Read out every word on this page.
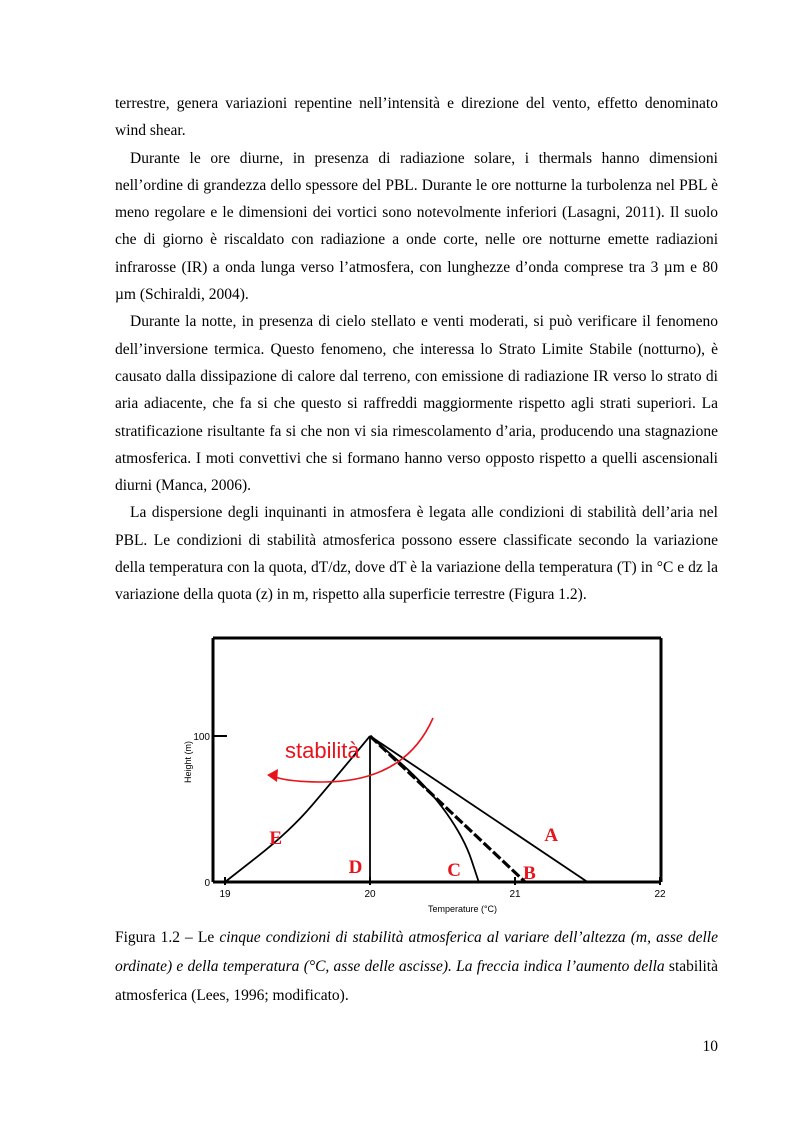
terrestre, genera variazioni repentine nell’intensità e direzione del vento, effetto denominato wind shear.

Durante le ore diurne, in presenza di radiazione solare, i thermals hanno dimensioni nell’ordine di grandezza dello spessore del PBL. Durante le ore notturne la turbolenza nel PBL è meno regolare e le dimensioni dei vortici sono notevolmente inferiori (Lasagni, 2011). Il suolo che di giorno è riscaldato con radiazione a onde corte, nelle ore notturne emette radiazioni infrarosse (IR) a onda lunga verso l’atmosfera, con lunghezze d’onda comprese tra 3 µm e 80 µm (Schiraldi, 2004).

Durante la notte, in presenza di cielo stellato e venti moderati, si può verificare il fenomeno dell’inversione termica. Questo fenomeno, che interessa lo Strato Limite Stabile (notturno), è causato dalla dissipazione di calore dal terreno, con emissione di radiazione IR verso lo strato di aria adiacente, che fa si che questo si raffreddi maggiormente rispetto agli strati superiori. La stratificazione risultante fa si che non vi sia rimescolamento d’aria, producendo una stagnazione atmosferica. I moti convettivi che si formano hanno verso opposto rispetto a quelli ascensionali diurni (Manca, 2006).

La dispersione degli inquinanti in atmosfera è legata alle condizioni di stabilità dell’aria nel PBL. Le condizioni di stabilità atmosferica possono essere classificate secondo la variazione della temperatura con la quota, dT/dz, dove dT è la variazione della temperatura (T) in °C e dz la variazione della quota (z) in m, rispetto alla superficie terrestre (Figura 1.2).

19	20	21	22
0
100
Temperature (°C)
Height (m)
A
B
C
D
E
stabilità
Figura 1.2 – Le cinque condizioni di stabilità atmosferica al variare dell’altezza (m, asse delle ordinate) e della temperatura (°C, asse delle ascisse). La freccia indica l’aumento della stabilità atmosferica (Lees, 1996; modificato).
10
